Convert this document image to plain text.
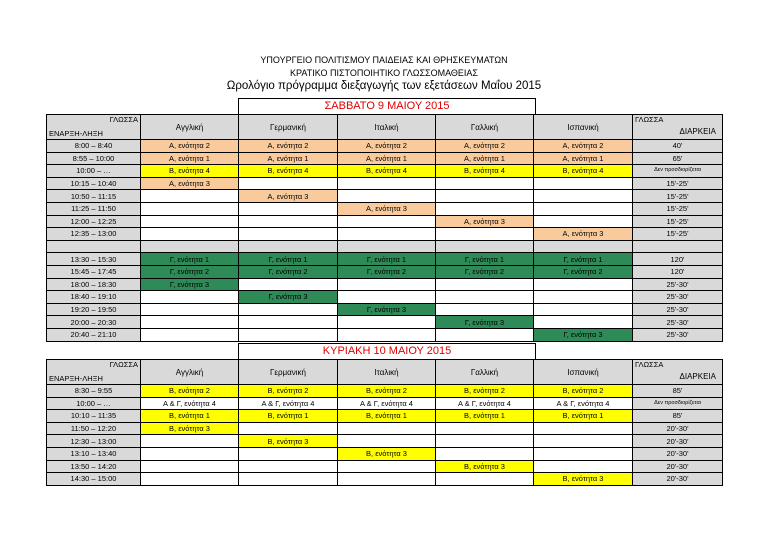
ΥΠΟΥΡΓΕΙΟ ΠΟΛΙΤΙΣΜΟΥ ΠΑΙΔΕΙΑΣ ΚΑΙ ΘΡΗΣΚΕΥΜΑΤΩΝ
ΚΡΑΤΙΚΟ ΠΙΣΤΟΠΟΙΗΤΙΚΟ ΓΛΩΣΣΟΜΑΘΕΙΑΣ
Ωρολόγιο πρόγραμμα διεξαγωγής των εξετάσεων Μαΐου 2015
ΣΑΒΒΑΤΟ 9 ΜΑΙΟΥ 2015
ΓΛΩΣΣΑ
ΕΝΑΡΞΗ-ΛΗΞΗ	Αγγλική	Γερμανική	Ιταλική	Γαλλική	Ισπανική	ΓΛΩΣΣΑ
ΔΙΑΡΚΕΙΑ

8:00 – 8:40	Α, ενότητα 2	Α, ενότητα 2	Α, ενότητα 2	Α, ενότητα 2	Α, ενότητα 2	40'
8:55 – 10:00	Α, ενότητα 1	Α, ενότητα 1	Α, ενότητα 1	Α, ενότητα 1	Α, ενότητα 1	65'
10:00 – …	Β, ενότητα 4	Β, ενότητα 4	Β, ενότητα 4	Β, ενότητα 4	Β, ενότητα 4	Δεν προσδιορίζεται
10:15 – 10:40	Α, ενότητα 3					15'-25'
10:50 – 11:15		Α, ενότητα 3				15'-25'
11:25 – 11:50			Α, ενότητα 3			15'-25'
12:00 – 12:25				Α, ενότητα 3		15'-25'
12:35 – 13:00					Α, ενότητα 3	15'-25'

13:30 – 15:30	Γ, ενότητα 1	Γ, ενότητα 1	Γ, ενότητα 1	Γ, ενότητα 1	Γ, ενότητα 1	120'
15:45 – 17:45	Γ, ενότητα 2	Γ, ενότητα 2	Γ, ενότητα 2	Γ, ενότητα 2	Γ, ενότητα 2	120'
18:00 – 18:30	Γ, ενότητα 3					25'-30'
18:40 – 19:10		Γ, ενότητα 3				25'-30'
19:20 – 19:50			Γ, ενότητα 3			25'-30'
20:00 – 20:30				Γ, ενότητα 3		25'-30'
20:40 – 21:10					Γ, ενότητα 3	25'-30'
ΚΥΡΙΑΚΗ 10 ΜΑΙΟΥ 2015
ΓΛΩΣΣΑ
ΕΝΑΡΞΗ-ΛΗΞΗ	Αγγλική	Γερμανική	Ιταλική	Γαλλική	Ισπανική	ΓΛΩΣΣΑ
ΔΙΑΡΚΕΙΑ

8:30 – 9:55	Β, ενότητα 2	Β, ενότητα 2	Β, ενότητα 2	Β, ενότητα 2	Β, ενότητα 2	85'
10:00 – …	Α & Γ, ενότητα 4	Α & Γ, ενότητα 4	Α & Γ, ενότητα 4	Α & Γ, ενότητα 4	Α & Γ, ενότητα 4	Δεν προσδιορίζεται
10:10 – 11:35	Β, ενότητα 1	Β, ενότητα 1	Β, ενότητα 1	Β, ενότητα 1	Β, ενότητα 1	85'
11:50 – 12:20	Β, ενότητα 3					20'-30'
12:30 – 13:00		Β, ενότητα 3				20'-30'
13:10 – 13:40			Β, ενότητα 3			20'-30'
13:50 – 14:20				Β, ενότητα 3		20'-30'
14:30 – 15:00					Β, ενότητα 3	20'-30'
